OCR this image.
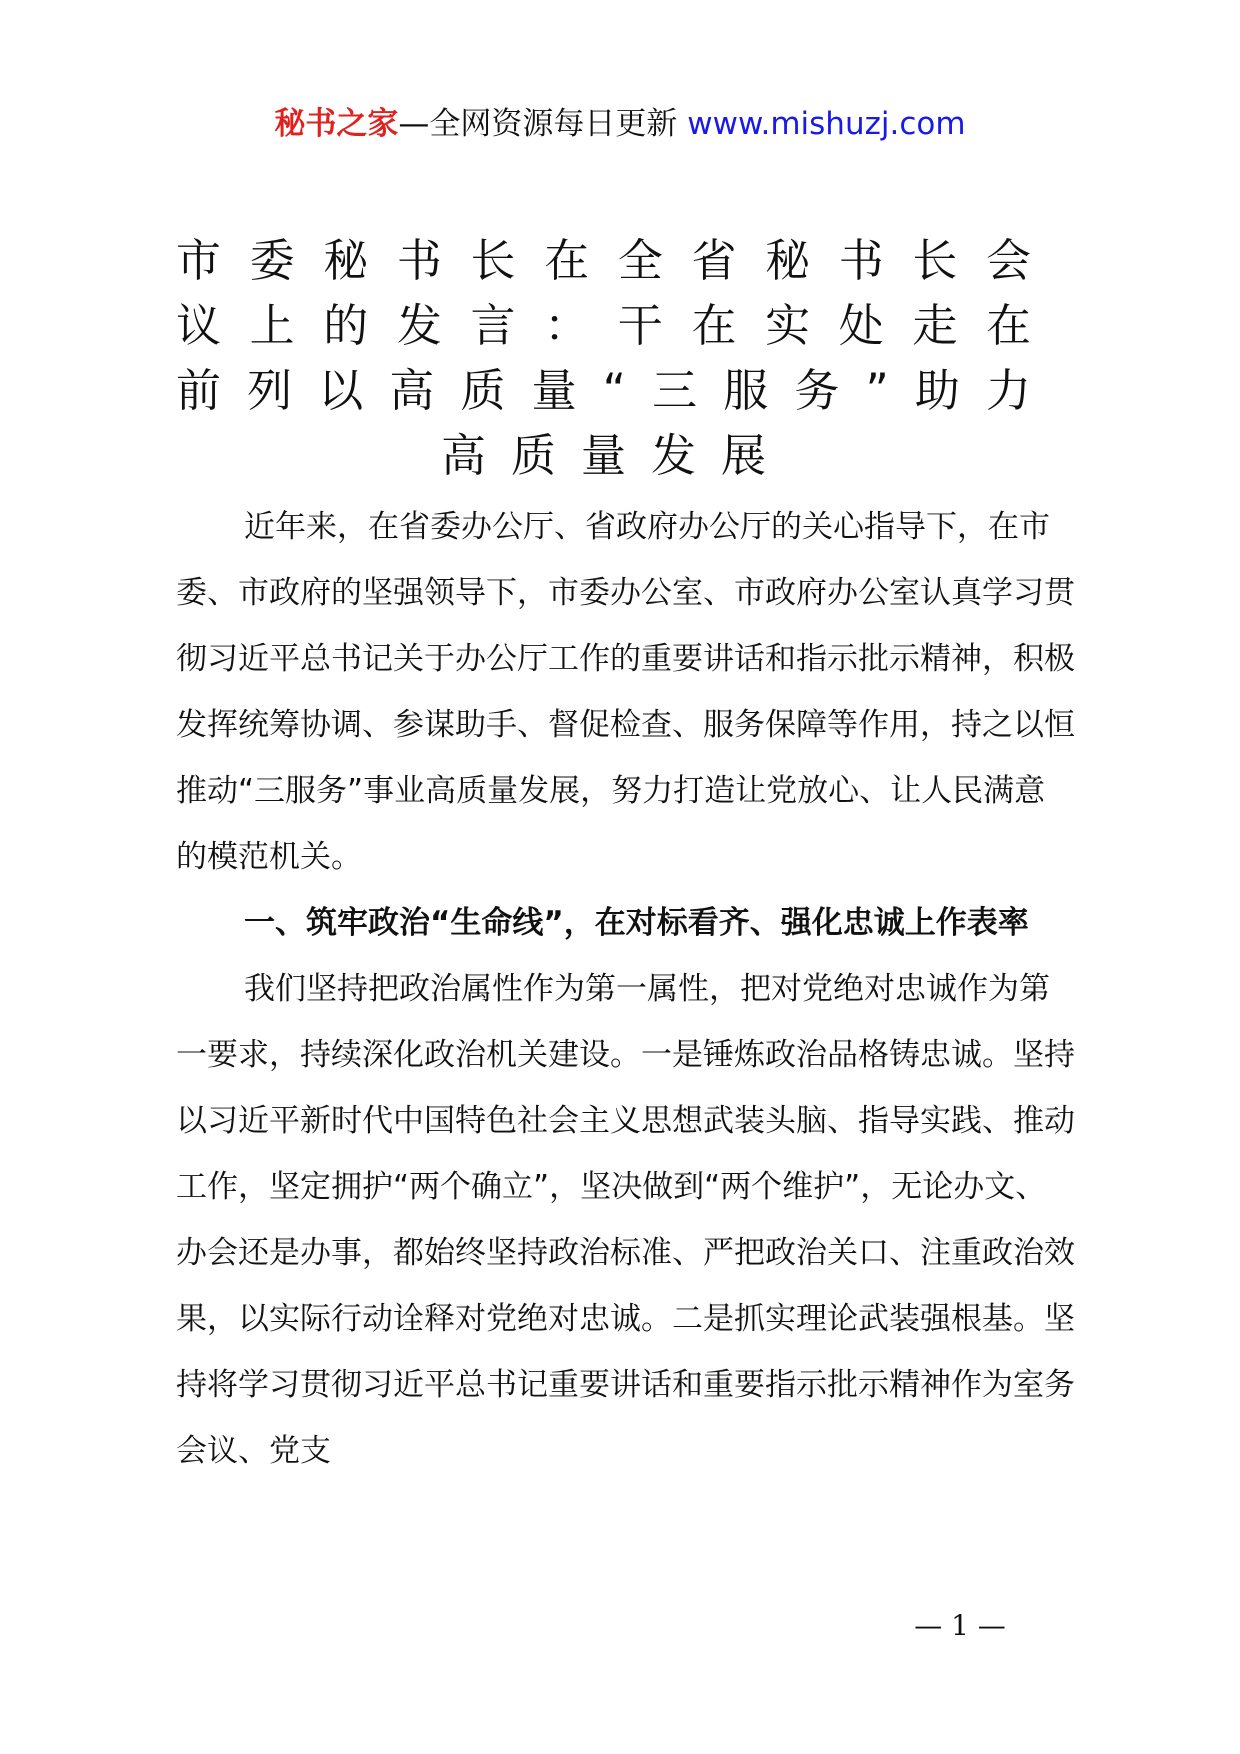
秘书之家—全网资源每日更新 www.mishuzj.com
市委秘书长在全省秘书长会议上的发言：干在实处走在前列以高质量“三服务”助力高质量发展

近年来，在省委办公厅、省政府办公厅的关心指导下，在市委、市政府的坚强领导下，市委办公室、市政府办公室认真学习贯彻习近平总书记关于办公厅工作的重要讲话和指示批示精神，积极发挥统筹协调、参谋助手、督促检查、服务保障等作用，持之以恒推动“三服务”事业高质量发展，努力打造让党放心、让人民满意的模范机关。

一、筑牢政治“生命线”，在对标看齐、强化忠诚上作表率

我们坚持把政治属性作为第一属性，把对党绝对忠诚作为第一要求，持续深化政治机关建设。一是锤炼政治品格铸忠诚。坚持以习近平新时代中国特色社会主义思想武装头脑、指导实践、推动工作，坚定拥护“两个确立”，坚决做到“两个维护”，无论办文、办会还是办事，都始终坚持政治标准、严把政治关口、注重政治效果，以实际行动诠释对党绝对忠诚。二是抓实理论武装强根基。坚持将学习贯彻习近平总书记重要讲话和重要指示批示精神作为室务会议、党支

— 1 —
